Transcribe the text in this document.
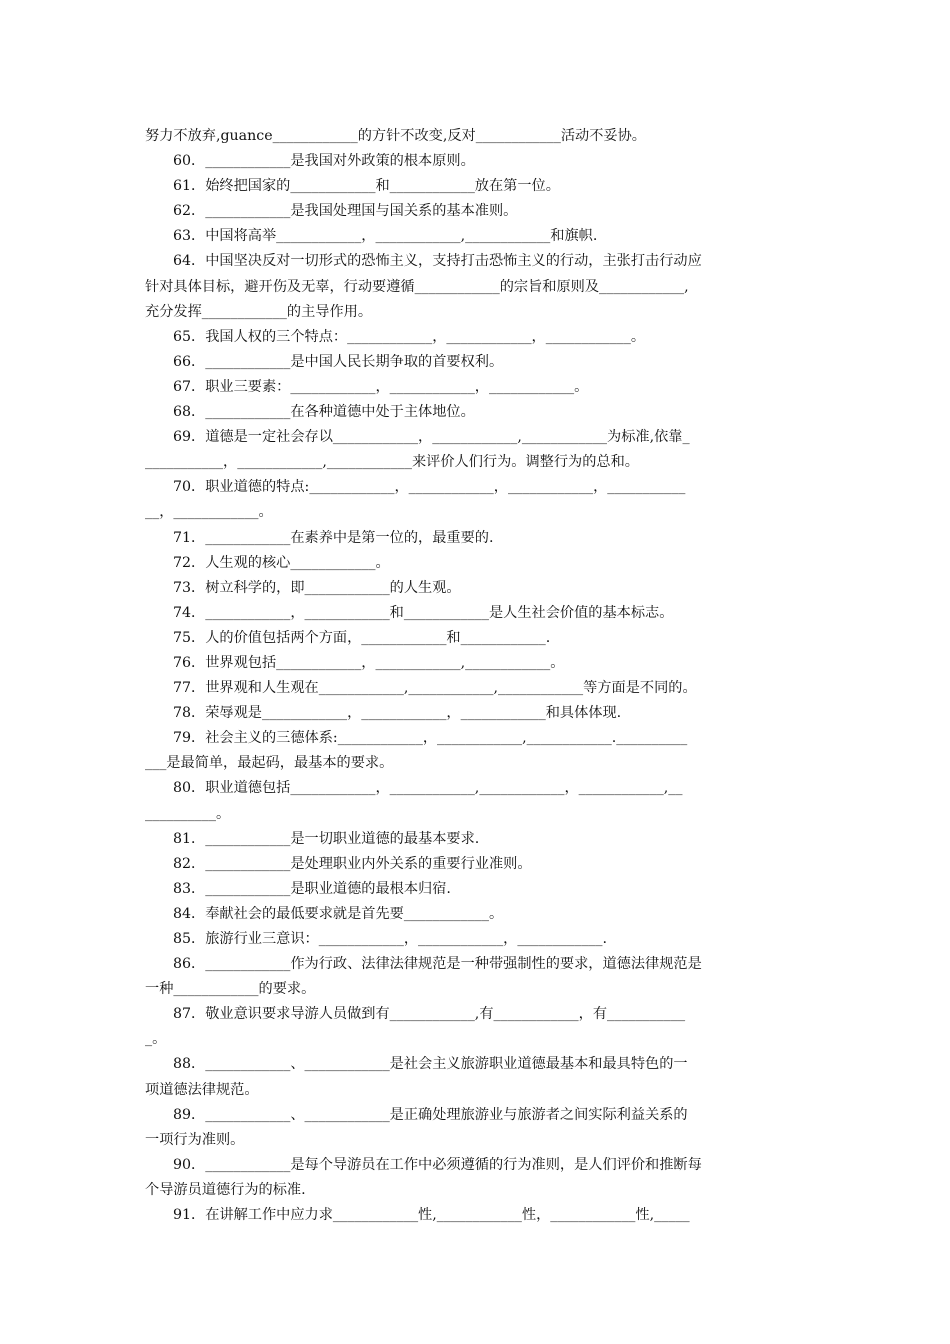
努力不放弃,guance____________的方针不改变,反对____________活动不妥协。
60．____________是我国对外政策的根本原则。
61．始终把国家的____________和____________放在第一位。
62．____________是我国处理国与国关系的基本准则。
63．中国将高举____________，____________,____________和旗帜.
64．中国坚决反对一切形式的恐怖主义，支持打击恐怖主义的行动，主张打击行动应
针对具体目标，避开伤及无辜，行动要遵循____________的宗旨和原则及____________,
充分发挥____________的主导作用。
65．我国人权的三个特点：____________，____________，____________。
66．____________是中国人民长期争取的首要权利。
67．职业三要素：____________，____________，____________。
68．____________在各种道德中处于主体地位。
69．道德是一定社会存以____________，____________,____________为标准,依靠_
___________，____________,____________来评价人们行为。调整行为的总和。
70．职业道德的特点:____________，____________，____________，___________
__，____________。
71．____________在素养中是第一位的，最重要的.
72．人生观的核心____________。
73．树立科学的，即____________的人生观。
74．____________，____________和____________是人生社会价值的基本标志。
75．人的价值包括两个方面，____________和____________.
76．世界观包括____________，____________,____________。
77．世界观和人生观在____________,____________,____________等方面是不同的。
78．荣辱观是____________，____________，____________和具体体现.
79．社会主义的三德体系:____________，____________,____________.__________
___是最简单，最起码，最基本的要求。
80．职业道德包括____________，____________,____________，____________,__
__________。
81．____________是一切职业道德的最基本要求.
82．____________是处理职业内外关系的重要行业准则。
83．____________是职业道德的最根本归宿.
84．奉献社会的最低要求就是首先要____________。
85．旅游行业三意识：____________，____________，____________.
86．____________作为行政、法律法律规范是一种带强制性的要求，道德法律规范是
一种____________的要求。
87．敬业意识要求导游人员做到有____________,有____________，有___________
_。
88．____________、____________是社会主义旅游职业道德最基本和最具特色的一
项道德法律规范。
89．____________、____________是正确处理旅游业与旅游者之间实际利益关系的
一项行为准则。
90．____________是每个导游员在工作中必须遵循的行为准则，是人们评价和推断每
个导游员道德行为的标准.
91．在讲解工作中应力求____________性,____________性，____________性,_____
